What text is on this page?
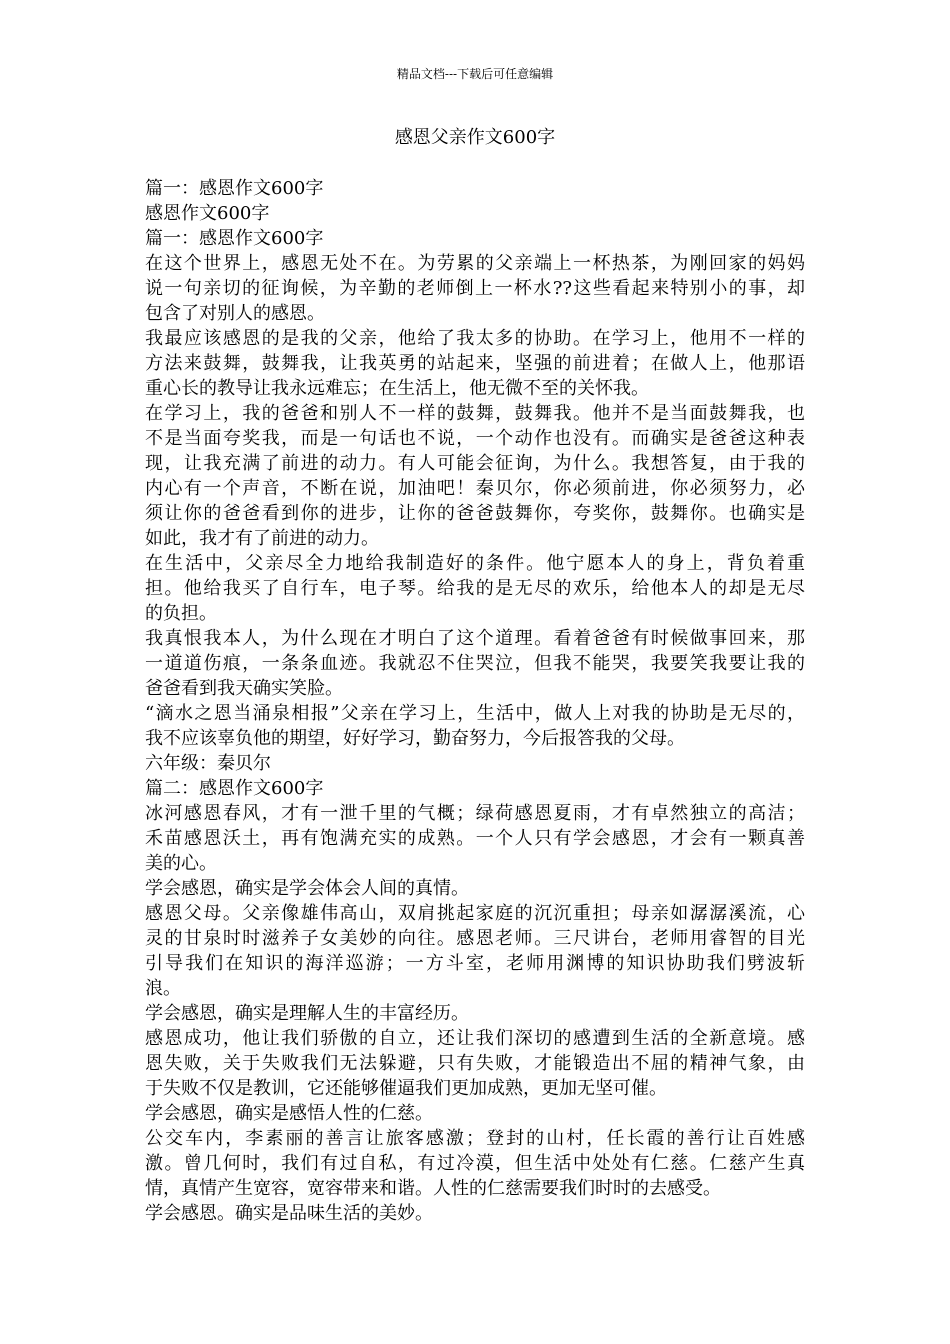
精品文档---下载后可任意编辑
感恩父亲作文600字
篇一：感恩作文600字
感恩作文600字
篇一：感恩作文600字
在这个世界上，感恩无处不在。为劳累的父亲端上一杯热茶，为刚回家的妈妈
说一句亲切的征询候，为辛勤的老师倒上一杯水??这些看起来特别小的事，却
包含了对别人的感恩。
我最应该感恩的是我的父亲，他给了我太多的协助。在学习上，他用不一样的
方法来鼓舞，鼓舞我，让我英勇的站起来，坚强的前进着；在做人上，他那语
重心长的教导让我永远难忘；在生活上，他无微不至的关怀我。
在学习上，我的爸爸和别人不一样的鼓舞，鼓舞我。他并不是当面鼓舞我，也
不是当面夸奖我，而是一句话也不说，一个动作也没有。而确实是爸爸这种表
现，让我充满了前进的动力。有人可能会征询，为什么。我想答复，由于我的
内心有一个声音，不断在说，加油吧！秦贝尔，你必须前进，你必须努力，必
须让你的爸爸看到你的进步，让你的爸爸鼓舞你，夸奖你，鼓舞你。也确实是
如此，我才有了前进的动力。
在生活中，父亲尽全力地给我制造好的条件。他宁愿本人的身上，背负着重
担。他给我买了自行车，电子琴。给我的是无尽的欢乐，给他本人的却是无尽
的负担。
我真恨我本人，为什么现在才明白了这个道理。看着爸爸有时候做事回来，那
一道道伤痕，一条条血迹。我就忍不住哭泣，但我不能哭，我要笑我要让我的
爸爸看到我天确实笑脸。
“滴水之恩当涌泉相报”父亲在学习上，生活中，做人上对我的协助是无尽的，
我不应该辜负他的期望，好好学习，勤奋努力，今后报答我的父母。
六年级：秦贝尔
篇二：感恩作文600字
冰河感恩春风，才有一泄千里的气概；绿荷感恩夏雨，才有卓然独立的高洁；
禾苗感恩沃土，再有饱满充实的成熟。一个人只有学会感恩，才会有一颗真善
美的心。
学会感恩，确实是学会体会人间的真情。
感恩父母。父亲像雄伟高山，双肩挑起家庭的沉沉重担；母亲如潺潺溪流，心
灵的甘泉时时滋养子女美妙的向往。感恩老师。三尺讲台，老师用睿智的目光
引导我们在知识的海洋巡游；一方斗室，老师用渊博的知识协助我们劈波斩
浪。
学会感恩，确实是理解人生的丰富经历。
感恩成功，他让我们骄傲的自立，还让我们深切的感遭到生活的全新意境。感
恩失败，关于失败我们无法躲避，只有失败，才能锻造出不屈的精神气象，由
于失败不仅是教训，它还能够催逼我们更加成熟，更加无坚可催。
学会感恩，确实是感悟人性的仁慈。
公交车内，李素丽的善言让旅客感激；登封的山村，任长霞的善行让百姓感
激。曾几何时，我们有过自私，有过冷漠，但生活中处处有仁慈。仁慈产生真
情，真情产生宽容，宽容带来和谐。人性的仁慈需要我们时时的去感受。
学会感恩。确实是品味生活的美妙。
